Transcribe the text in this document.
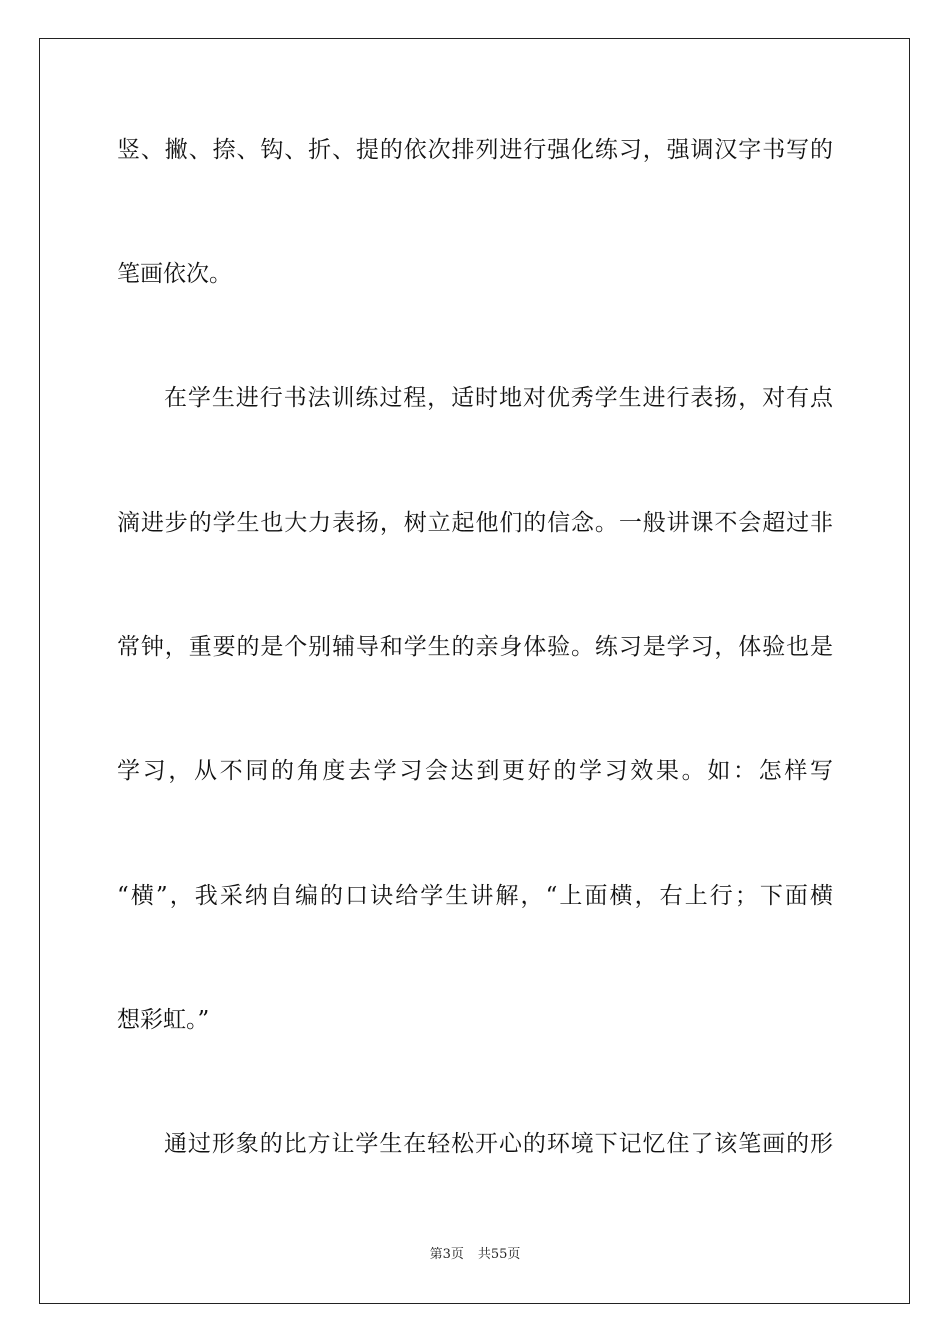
竖、撇、捺、钩、折、提的依次排列进行强化练习，强调汉字书写的
笔画依次。
在学生进行书法训练过程，适时地对优秀学生进行表扬，对有点
滴进步的学生也大力表扬，树立起他们的信念。一般讲课不会超过非
常钟，重要的是个别辅导和学生的亲身体验。练习是学习，体验也是
学习，从不同的角度去学习会达到更好的学习效果。如：怎样写
“横”，我采纳自编的口诀给学生讲解，“上面横，右上行；下面横
想彩虹。”
通过形象的比方让学生在轻松开心的环境下记忆住了该笔画的形
第3页 共55页
